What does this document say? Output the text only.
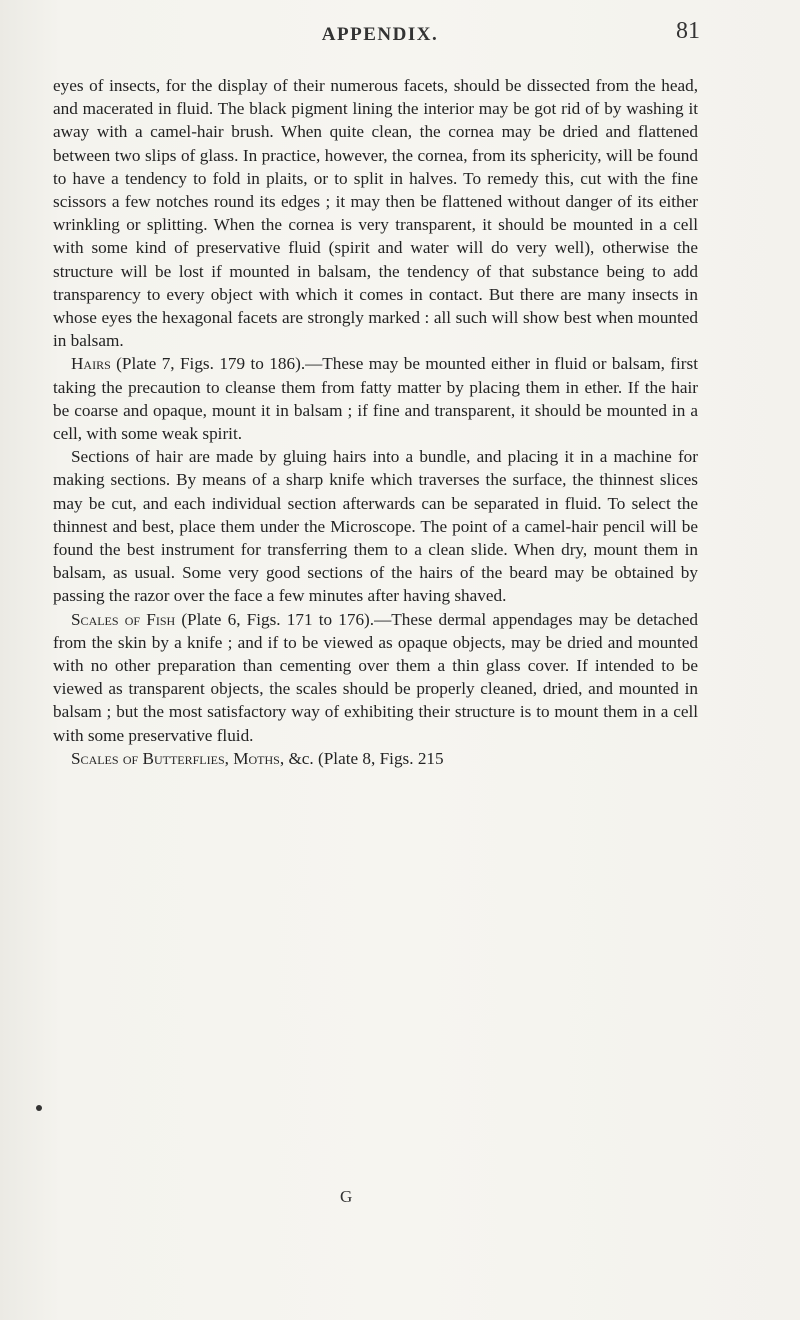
APPENDIX.	81

eyes of insects, for the display of their numerous facets, should be dissected from the head, and macerated in fluid. The black pigment lining the interior may be got rid of by washing it away with a camel-hair brush. When quite clean, the cornea may be dried and flattened between two slips of glass. In practice, however, the cornea, from its sphericity, will be found to have a tendency to fold in plaits, or to split in halves. To remedy this, cut with the fine scissors a few notches round its edges ; it may then be flattened without danger of its either wrinkling or splitting. When the cornea is very transparent, it should be mounted in a cell with some kind of preservative fluid (spirit and water will do very well), otherwise the structure will be lost if mounted in balsam, the tendency of that substance being to add transparency to every object with which it comes in contact. But there are many insects in whose eyes the hexagonal facets are strongly marked : all such will show best when mounted in balsam.

Hairs (Plate 7, Figs. 179 to 186).—These may be mounted either in fluid or balsam, first taking the precaution to cleanse them from fatty matter by placing them in ether. If the hair be coarse and opaque, mount it in balsam ; if fine and transparent, it should be mounted in a cell, with some weak spirit.

Sections of hair are made by gluing hairs into a bundle, and placing it in a machine for making sections. By means of a sharp knife which traverses the surface, the thinnest slices may be cut, and each individual section afterwards can be separated in fluid. To select the thinnest and best, place them under the Microscope. The point of a camel-hair pencil will be found the best instrument for transferring them to a clean slide. When dry, mount them in balsam, as usual. Some very good sections of the hairs of the beard may be obtained by passing the razor over the face a few minutes after having shaved.

Scales of Fish (Plate 6, Figs. 171 to 176).—These dermal appendages may be detached from the skin by a knife ; and if to be viewed as opaque objects, may be dried and mounted with no other preparation than cementing over them a thin glass cover. If intended to be viewed as transparent objects, the scales should be properly cleaned, dried, and mounted in balsam ; but the most satisfactory way of exhibiting their structure is to mount them in a cell with some preservative fluid.

Scales of Butterflies, Moths, &c. (Plate 8, Figs. 215

G
